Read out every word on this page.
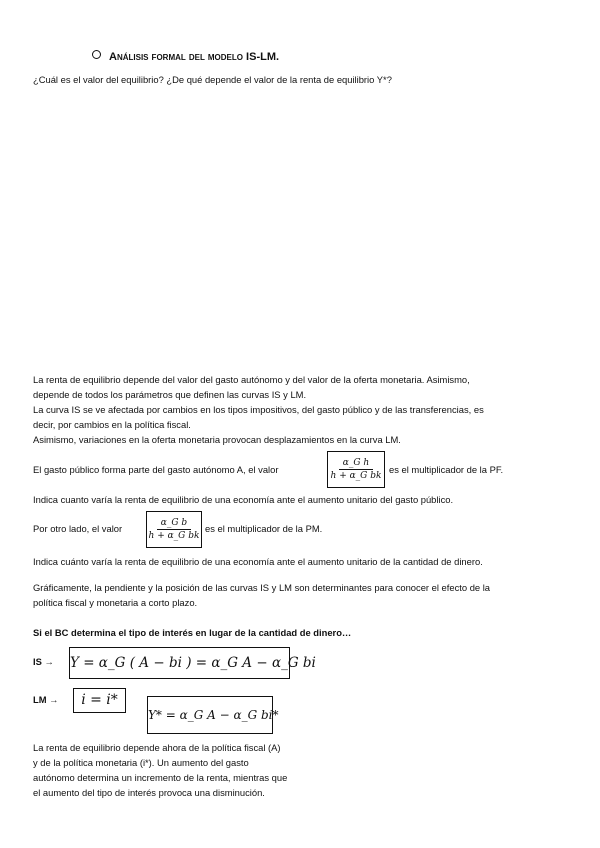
Análisis formal del modelo IS-LM.
¿Cuál es el valor del equilibrio? ¿De qué depende el valor de la renta de equilibrio Y*?
La renta de equilibrio depende del valor del gasto autónomo y del valor de la oferta monetaria. Asimismo,
depende de todos los parámetros que definen las curvas IS y LM.
La curva IS se ve afectada por cambios en los tipos impositivos, del gasto público y de las transferencias, es
decir, por cambios en la política fiscal.
Asimismo, variaciones en la oferta monetaria provocan desplazamientos en la curva LM.
El gasto público forma parte del gasto autónomo A, el valor
α_G h
h + α_G bk
es el multiplicador de la PF.
Indica cuanto varía la renta de equilibrio de una economía ante el aumento unitario del gasto público.
Por otro lado, el valor	α_G b
h + α_G bk
es el multiplicador de la PM.
Indica cuánto varía la renta de equilibrio de una economía ante el aumento unitario de la cantidad de dinero.
Gráficamente, la pendiente y la posición de las curvas IS y LM son determinantes para conocer el efecto de la
política fiscal y monetaria a corto plazo.
Si el BC determina el tipo de interés en lugar de la cantidad de dinero…
IS → Y = α_G ( A − bi ) = α_G A − α_G bi
LM →	i = i*
Y* = α_G A − α_G bi*
La renta de equilibrio depende ahora de la política fiscal (A)
y de la política monetaria (i*). Un aumento del gasto
autónomo determina un incremento de la renta, mientras que
el aumento del tipo de interés provoca una disminución.
